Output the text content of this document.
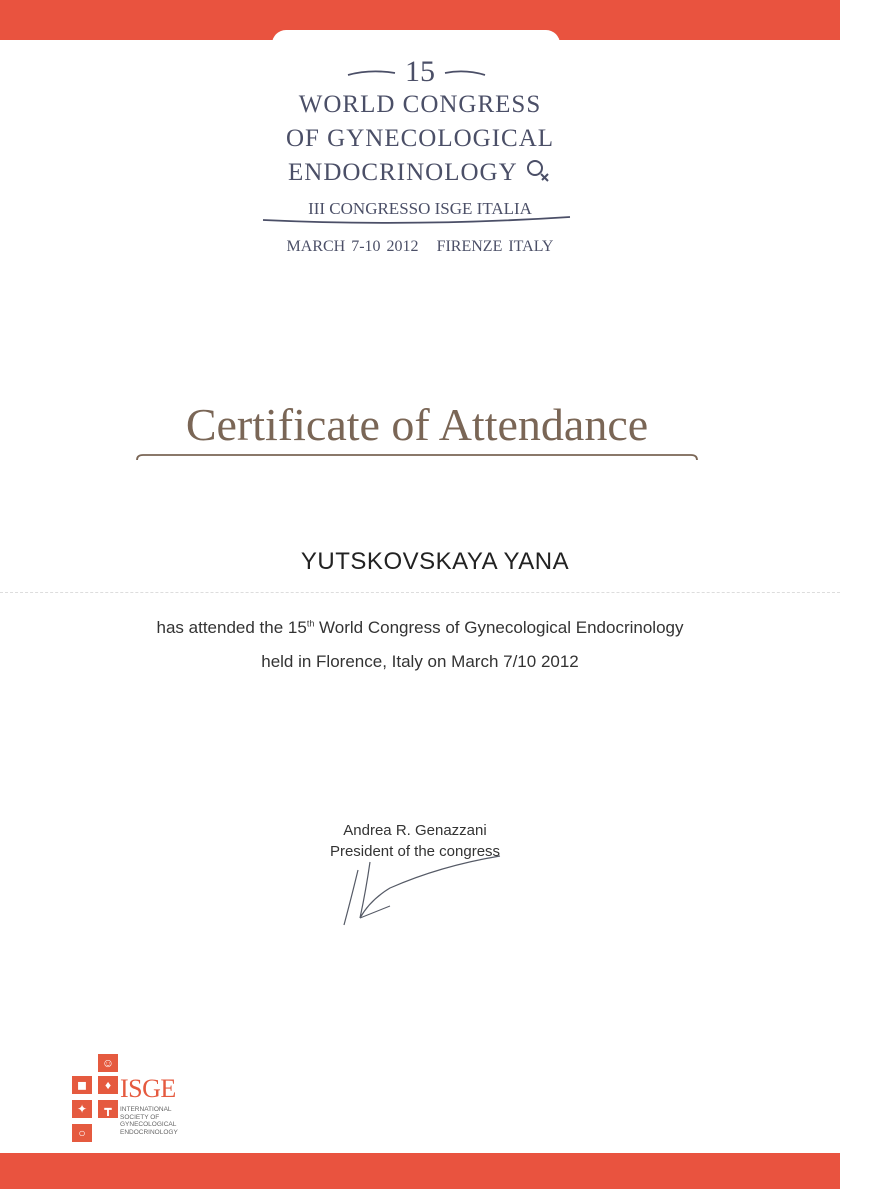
15
WORLD CONGRESS
OF GYNECOLOGICAL
ENDOCRINOLOGY
III CONGRESSO ISGE ITALIA
MARCH 7-10 2012 FIRENZE ITALY
Certificate of Attendance
YUTSKOVSKAYA YANA
has attended the 15th World Congress of Gynecological Endocrinology
held in Florence, Italy on March 7/10 2012
Andrea R. Genazzani
President of the congress
☺
◼	♦
✦	┳
○
ISGE
INTERNATIONAL SOCIETY OF GYNECOLOGICAL ENDOCRINOLOGY
